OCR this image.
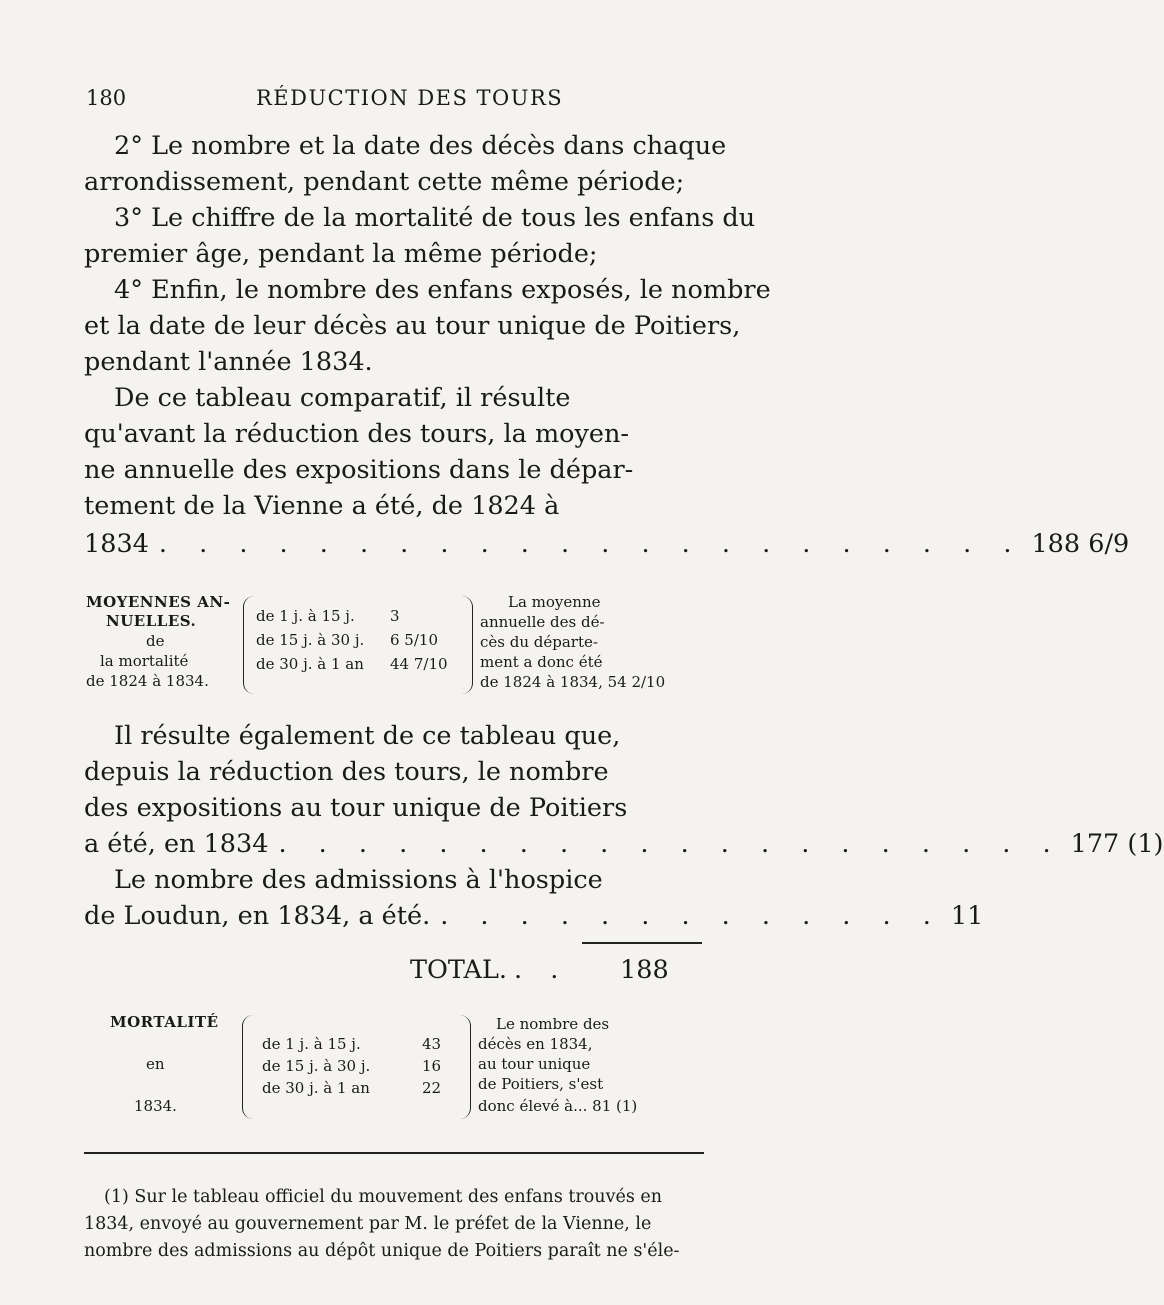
180	RÉDUCTION DES TOURS
2° Le nombre et la date des décès dans chaque
arrondissement, pendant cette même période;
3° Le chiffre de la mortalité de tous les enfans du
premier âge, pendant la même période;
4° Enfin, le nombre des enfans exposés, le nombre
et la date de leur décès au tour unique de Poitiers,
pendant l'année 1834.
De ce tableau comparatif, il résulte
qu'avant la réduction des tours, la moyen-
ne annuelle des expositions dans le dépar-
tement de la Vienne a été, de 1824 à
1834 . . . . . . . . . . . . . . . . . . . . . . 188 6/9
MOYENNES AN-
NUELLES.
de
la mortalité
de 1824 à 1834.
de 1 j. à 15 j. 3
de 15 j. à 30 j. 6 5/10
de 30 j. à 1 an 44 7/10
La moyenne
annuelle des dé-
cès du départe-
ment a donc été
de 1824 à 1834, 54 2/10
Il résulte également de ce tableau que,
depuis la réduction des tours, le nombre
des expositions au tour unique de Poitiers
a été, en 1834 . . . . . . . . . . . . . . . . . . . . 177 (1)
Le nombre des admissions à l'hospice
de Loudun, en 1834, a été. . . . . . . . . . . . . . 11
TOTAL. . . 188
MORTALITÉ
en
1834.
de 1 j. à 15 j.	43
de 15 j. à 30 j.	16
de 30 j. à 1 an	22
Le nombre des
décès en 1834,
au tour unique
de Poitiers, s'est
donc élevé à... 81 (1)
(1) Sur le tableau officiel du mouvement des enfans trouvés en
1834, envoyé au gouvernement par M. le préfet de la Vienne, le
nombre des admissions au dépôt unique de Poitiers paraît ne s'éle-
